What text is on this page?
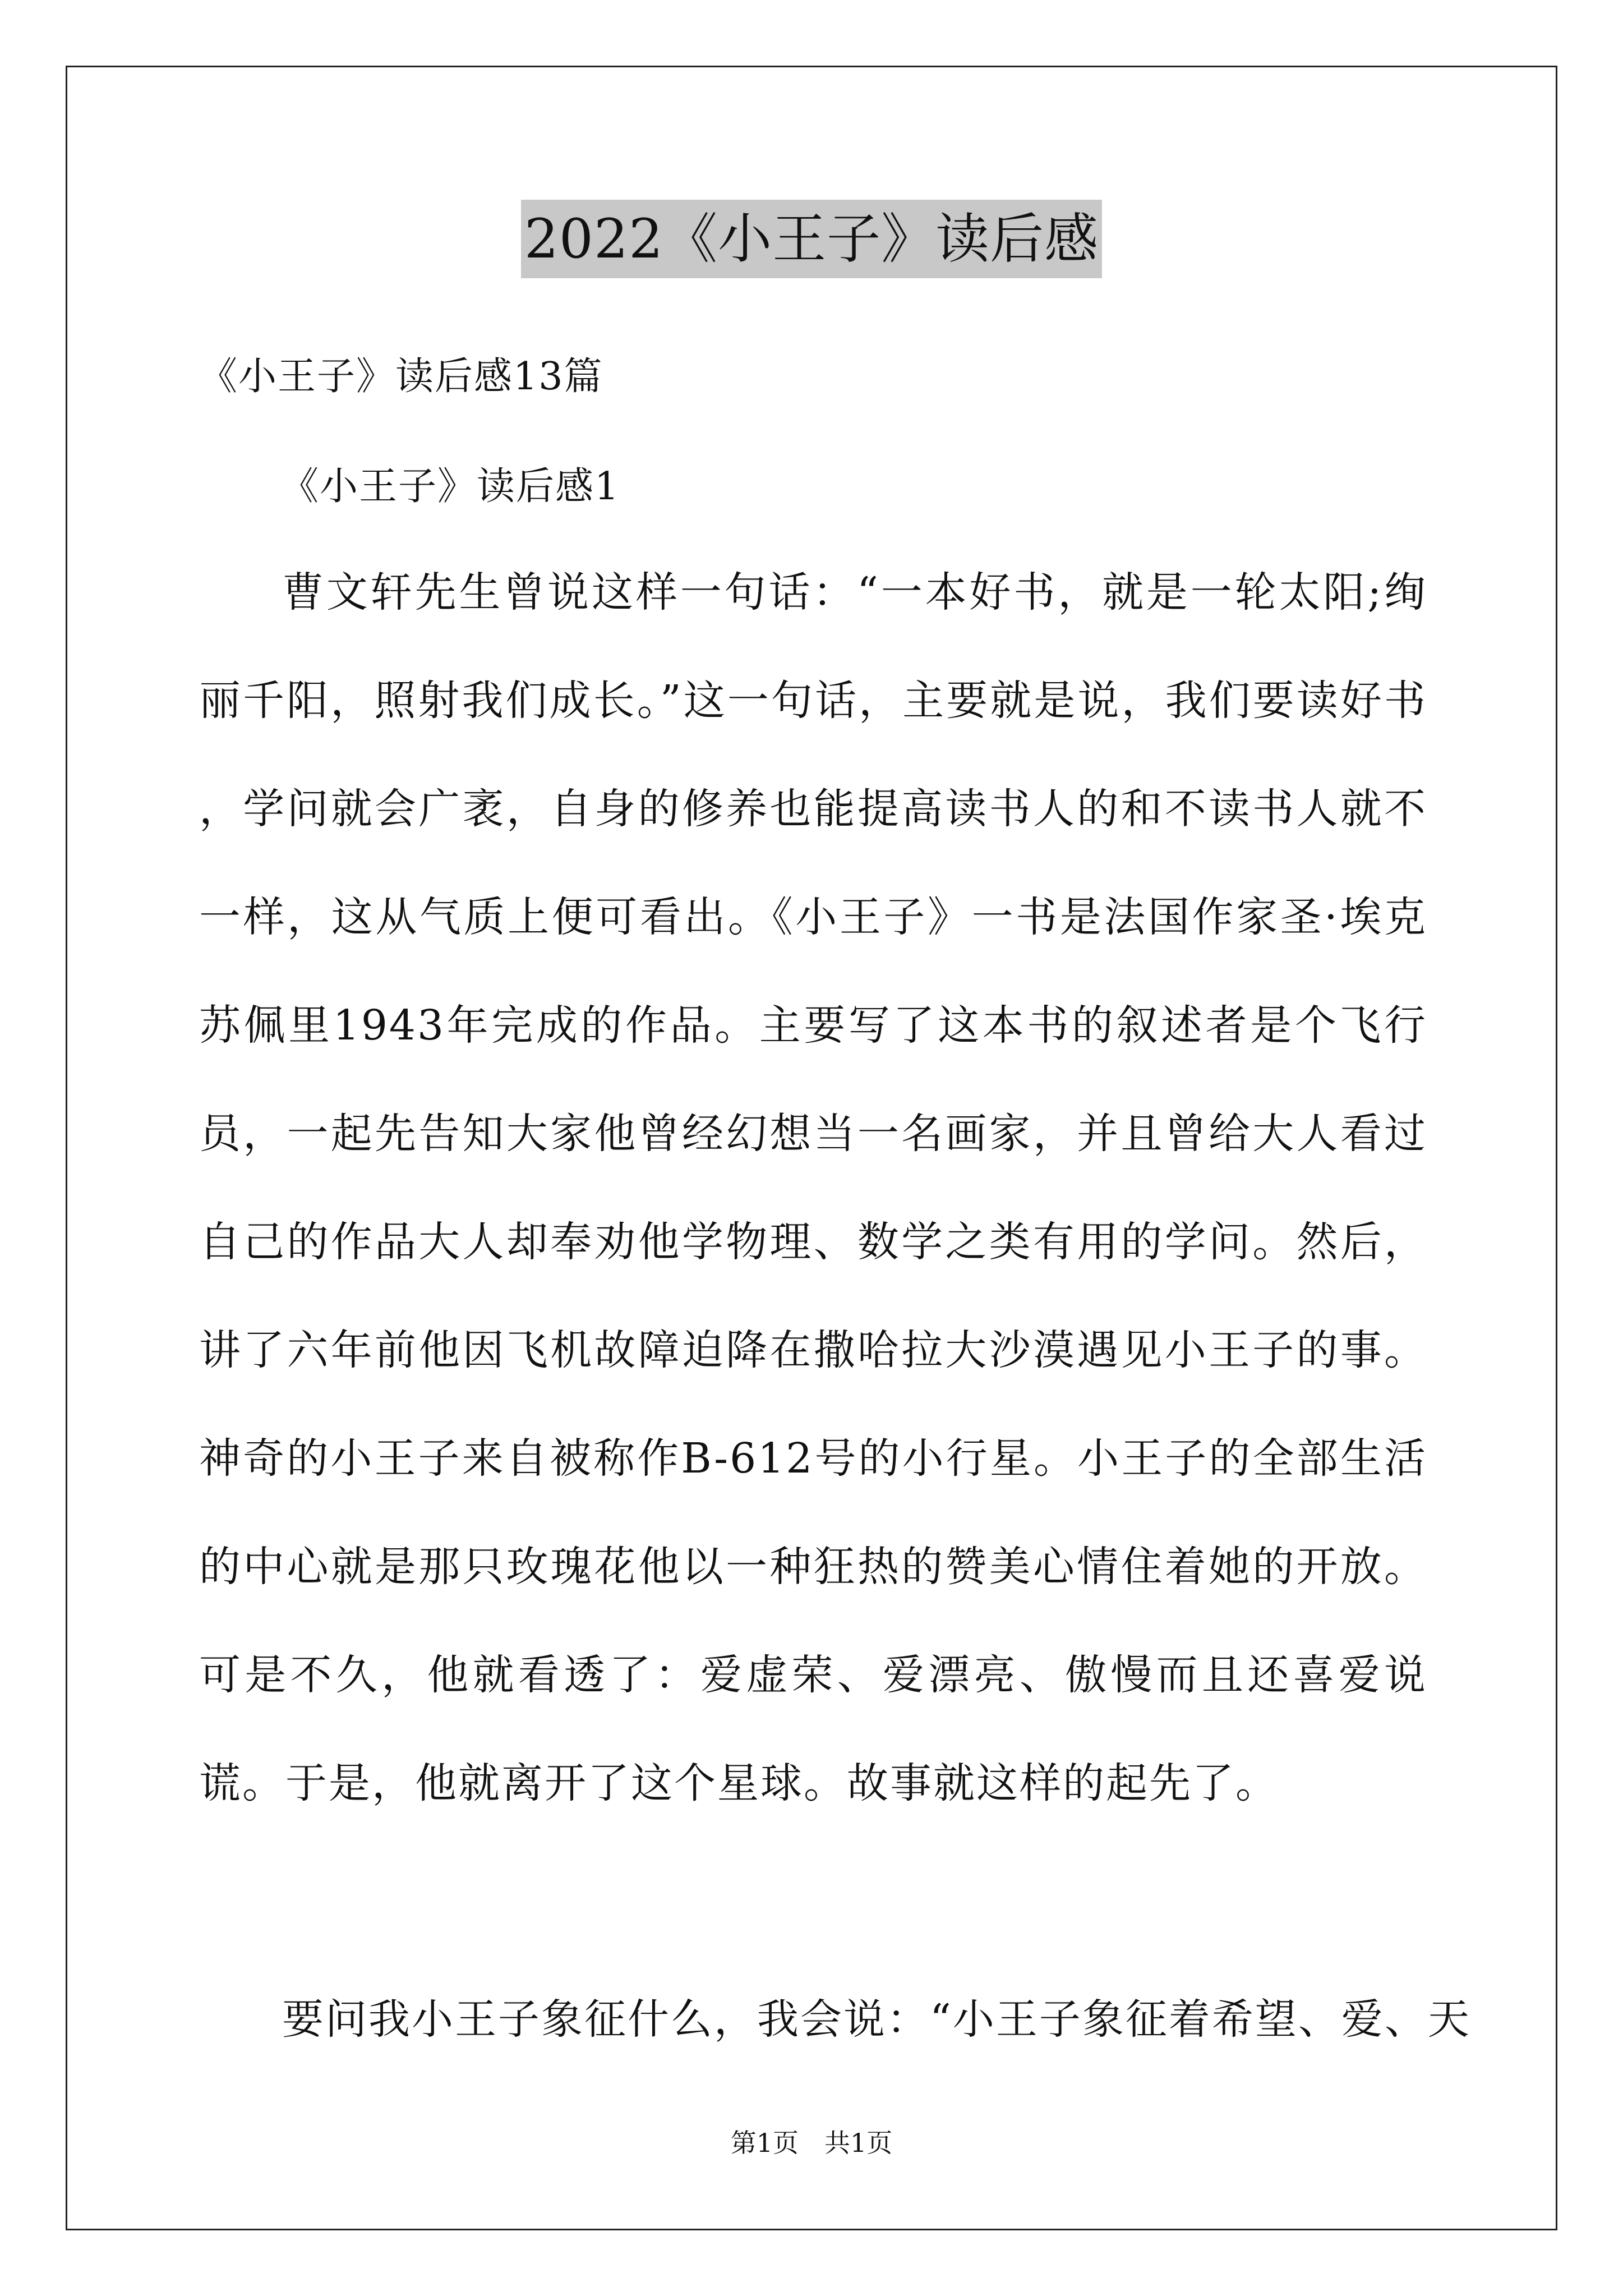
2022《小王子》读后感
《小王子》读后感13篇
《小王子》读后感1
曹文轩先生曾说这样一句话：“一本好书，就是一轮太阳;绚丽千阳，照射我们成长。”这一句话，主要就是说，我们要读好书 ，学问就会广袤，自身的修养也能提高读书人的和不读书人就不一样，这从气质上便可看出。《小王子》一书是法国作家圣·埃克苏佩里1943年完成的作品。主要写了这本书的叙述者是个飞行员，一起先告知大家他曾经幻想当一名画家，并且曾给大人看过自己的作品大人却奉劝他学物理、数学之类有用的学问。然后，讲了六年前他因飞机故障迫降在撒哈拉大沙漠遇见小王子的事。神奇的小王子来自被称作B-612号的小行星。小王子的全部生活的中心就是那只玫瑰花他以一种狂热的赞美心情住着她的开放。可是不久，他就看透了：爱虚荣、爱漂亮、傲慢而且还喜爱说谎。于是，他就离开了这个星球。故事就这样的起先了。
要问我小王子象征什么，我会说：“小王子象征着希望、爱、天
第1页　共1页
